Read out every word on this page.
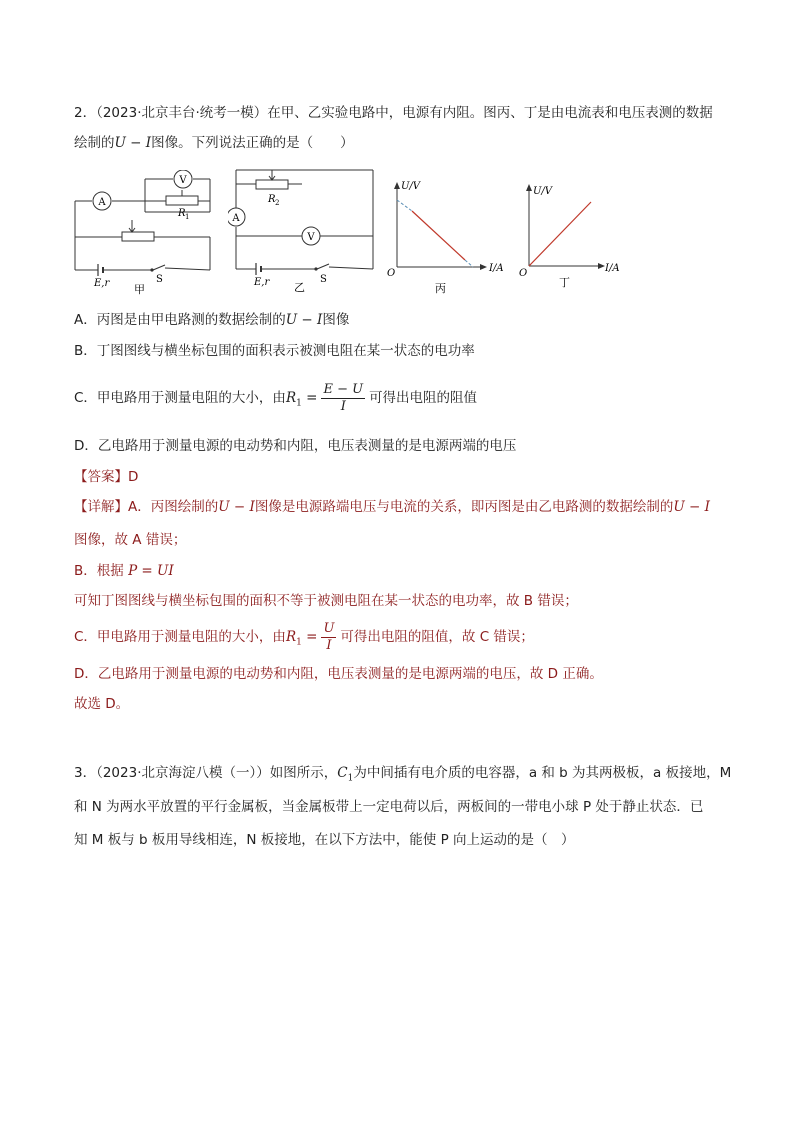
2．（2023·北京丰台·统考一模）在甲、乙实验电路中，电源有内阻。图丙、丁是由电流表和电压表测的数据
绘制的U − I图像。下列说法正确的是（　　）
A
V
R 1
E,r	S
甲
A
V
R 2
E,r	S
乙
U/V
I/A
O
丙
U/V
I/A
O
丁
A．丙图是由甲电路测的数据绘制的U − I图像
B．丁图图线与横坐标包围的面积表示被测电阻在某一状态的电功率
C．甲电路用于测量电阻的大小，由$R_1 = \frac{E - U}{I}$ 可得出电阻的阻值
D．乙电路用于测量电源的电动势和内阻，电压表测量的是电源两端的电压
【答案】D
【详解】A．丙图绘制的U − I图像是电源路端电压与电流的关系，即丙图是由乙电路测的数据绘制的U − I
图像，故 A 错误；
B．根据 P = UI
可知丁图图线与横坐标包围的面积不等于被测电阻在某一状态的电功率，故 B 错误；
C．甲电路用于测量电阻的大小，由$R_1 = \frac{U}{I}$ 可得出电阻的阻值，故 C 错误；
D．乙电路用于测量电源的电动势和内阻，电压表测量的是电源两端的电压，故 D 正确。
故选 D。
3．（2023·北京海淀八模（一））如图所示，$C_1$为中间插有电介质的电容器，a 和 b 为其两极板，a 板接地，M
和 N 为两水平放置的平行金属板，当金属板带上一定电荷以后，两板间的一带电小球 P 处于静止状态．已
知 M 板与 b 板用导线相连，N 板接地，在以下方法中，能使 P 向上运动的是（　）
